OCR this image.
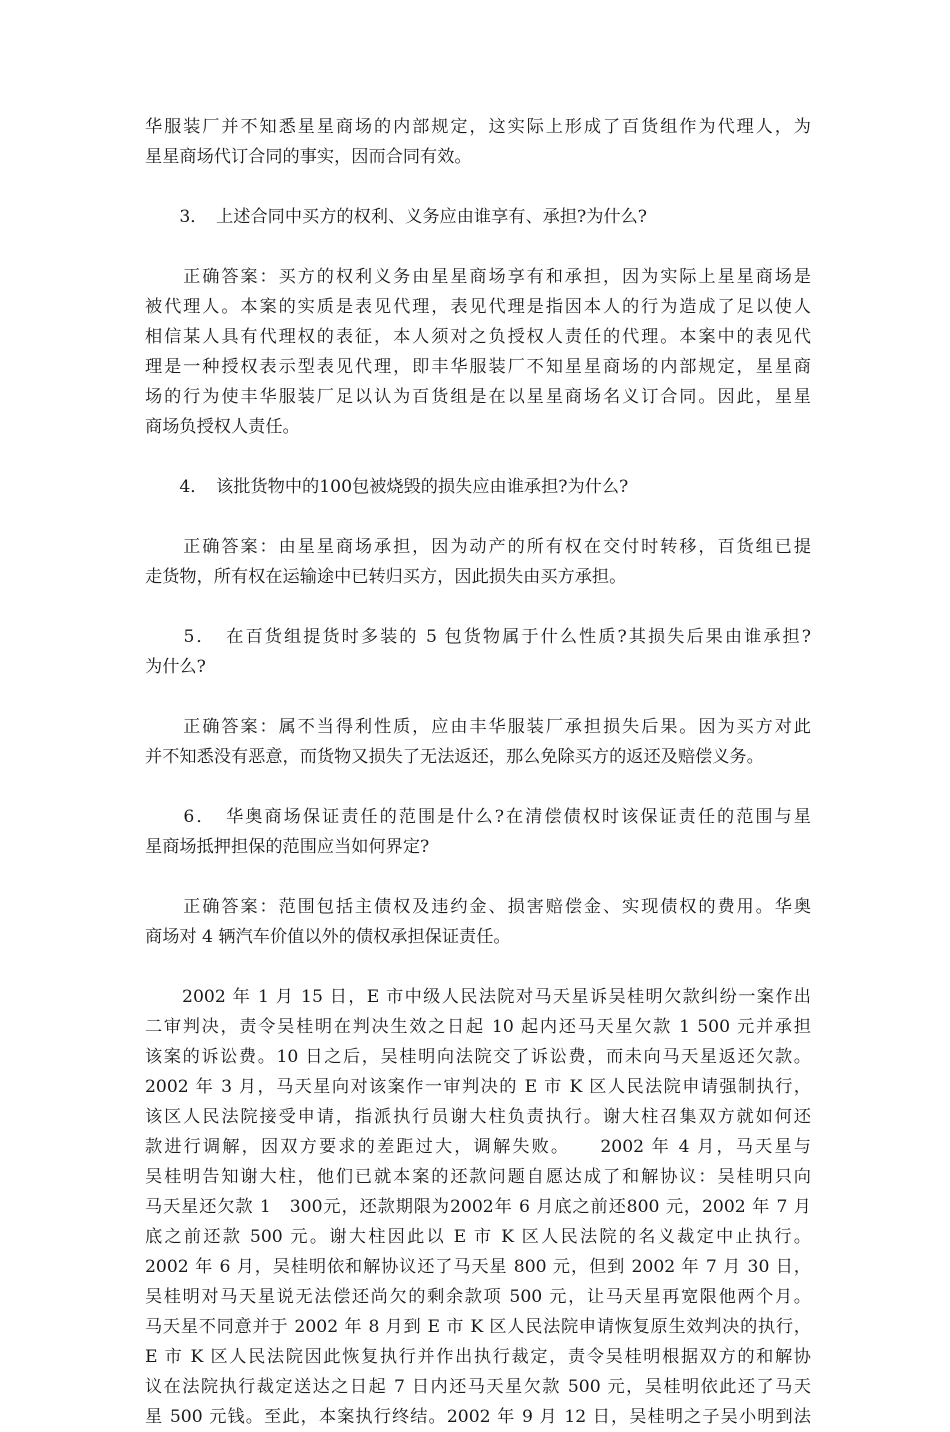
华服装厂并不知悉星星商场的内部规定，这实际上形成了百货组作为代理人，为
星星商场代订合同的事实，因而合同有效。
　　3．　上述合同中买方的权利、义务应由谁享有、承担?为什么?
　　正确答案：买方的权利义务由星星商场享有和承担，因为实际上星星商场是
被代理人。本案的实质是表见代理，表见代理是指因本人的行为造成了足以使人
相信某人具有代理权的表征，本人须对之负授权人责任的代理。本案中的表见代
理是一种授权表示型表见代理，即丰华服装厂不知星星商场的内部规定，星星商
场的行为使丰华服装厂足以认为百货组是在以星星商场名义订合同。因此，星星
商场负授权人责任。
　　4．　该批货物中的100包被烧毁的损失应由谁承担?为什么?
　　正确答案：由星星商场承担，因为动产的所有权在交付时转移，百货组已提
走货物，所有权在运输途中已转归买方，因此损失由买方承担。
　　5．　在百货组提货时多装的 5 包货物属于什么性质?其损失后果由谁承担?
为什么?
　　正确答案：属不当得利性质，应由丰华服装厂承担损失后果。因为买方对此
并不知悉没有恶意，而货物又损失了无法返还，那么免除买方的返还及赔偿义务。
　　6．　华奥商场保证责任的范围是什么?在清偿债权时该保证责任的范围与星
星商场抵押担保的范围应当如何界定?
　　正确答案：范围包括主债权及违约金、损害赔偿金、实现债权的费用。华奥
商场对 4 辆汽车价值以外的债权承担保证责任。
　　2002 年 1 月 15 日，E 市中级人民法院对马天星诉吴桂明欠款纠纷一案作出
二审判决，责令吴桂明在判决生效之日起 10 起内还马天星欠款 1 500 元并承担
该案的诉讼费。10 日之后，吴桂明向法院交了诉讼费，而未向马天星返还欠款。
2002 年 3 月，马天星向对该案作一审判决的 E 市 K 区人民法院申请强制执行，
该区人民法院接受申请，指派执行员谢大柱负责执行。谢大柱召集双方就如何还
款进行调解，因双方要求的差距过大，调解失败。　　2002 年 4 月，马天星与
吴桂明告知谢大柱，他们已就本案的还款问题自愿达成了和解协议：吴桂明只向
马天星还欠款 1　300元，还款期限为2002年 6 月底之前还800 元，2002 年 7 月
底之前还款 500 元。谢大柱因此以 E 市 K 区人民法院的名义裁定中止执行。
2002 年 6 月，吴桂明依和解协议还了马天星 800 元，但到 2002 年 7 月 30 日，
吴桂明对马天星说无法偿还尚欠的剩余款项 500 元，让马天星再宽限他两个月。
马天星不同意并于 2002 年 8 月到 E 市 K 区人民法院申请恢复原生效判决的执行，
E 市 K 区人民法院因此恢复执行并作出执行裁定，责令吴桂明根据双方的和解协
议在法院执行裁定送达之日起 7 日内还马天星欠款 500 元，吴桂明依此还了马天
星 500 元钱。至此，本案执行终结。2002 年 9 月 12 日，吴桂明之子吴小明到法
